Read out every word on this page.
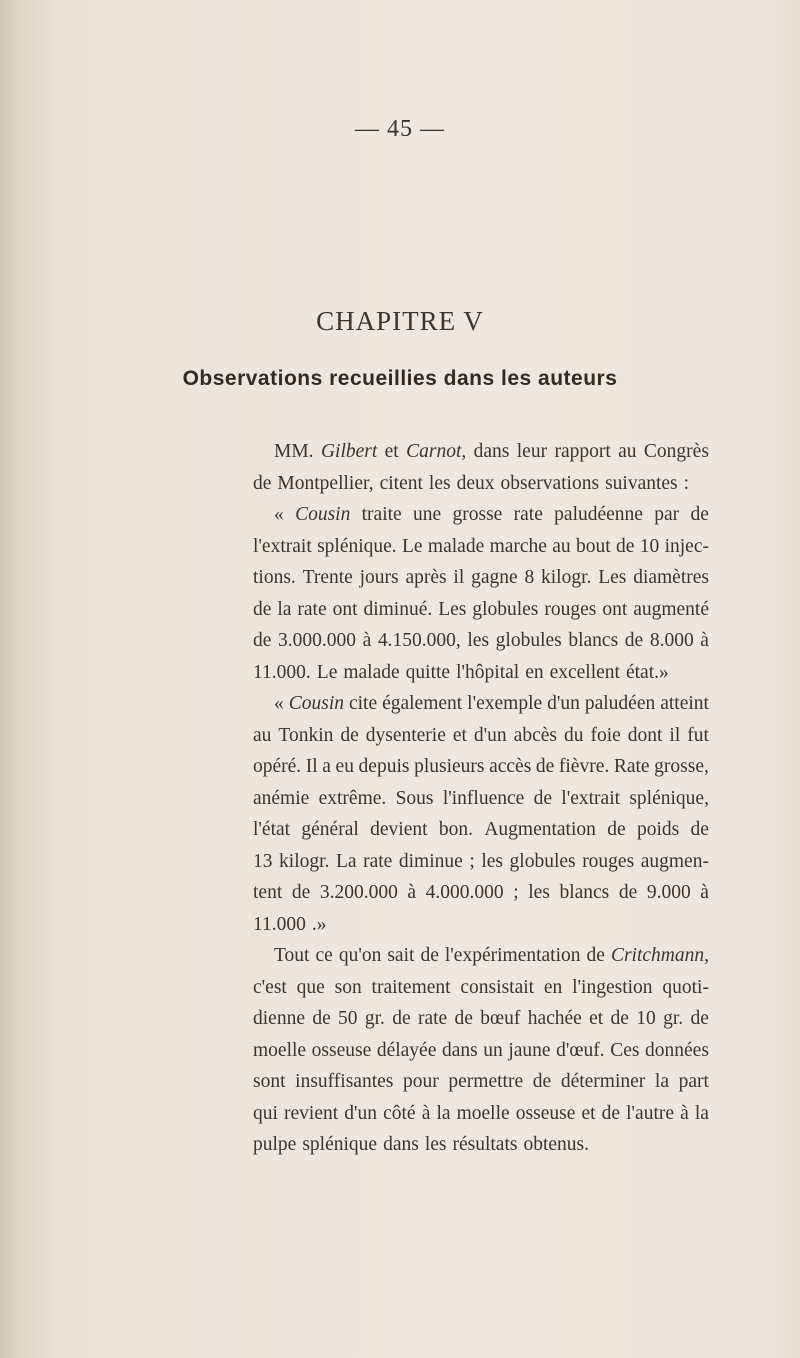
— 45 —
CHAPITRE V
Observations recueillies dans les auteurs
MM. Gilbert et Carnot, dans leur rapport au Congrès
de Montpellier, citent les deux observations suivantes :
« Cousin traite une grosse rate paludéenne par de
l'extrait splénique. Le malade marche au bout de 10 injec-
tions. Trente jours après il gagne 8 kilogr. Les diamètres
de la rate ont diminué. Les globules rouges ont augmenté
de 3.000.000 à 4.150.000, les globules blancs de 8.000 à
11.000. Le malade quitte l'hôpital en excellent état.»
« Cousin cite également l'exemple d'un paludéen atteint
au Tonkin de dysenterie et d'un abcès du foie dont il fut
opéré. Il a eu depuis plusieurs accès de fièvre. Rate grosse,
anémie extrême. Sous l'influence de l'extrait splénique,
l'état général devient bon. Augmentation de poids de
13 kilogr. La rate diminue ; les globules rouges augmen-
tent de 3.200.000 à 4.000.000 ; les blancs de 9.000 à
11.000 .»
Tout ce qu'on sait de l'expérimentation de Critchmann,
c'est que son traitement consistait en l'ingestion quoti-
dienne de 50 gr. de rate de bœuf hachée et de 10 gr. de
moelle osseuse délayée dans un jaune d'œuf. Ces données
sont insuffisantes pour permettre de déterminer la part
qui revient d'un côté à la moelle osseuse et de l'autre à la
pulpe splénique dans les résultats obtenus.
